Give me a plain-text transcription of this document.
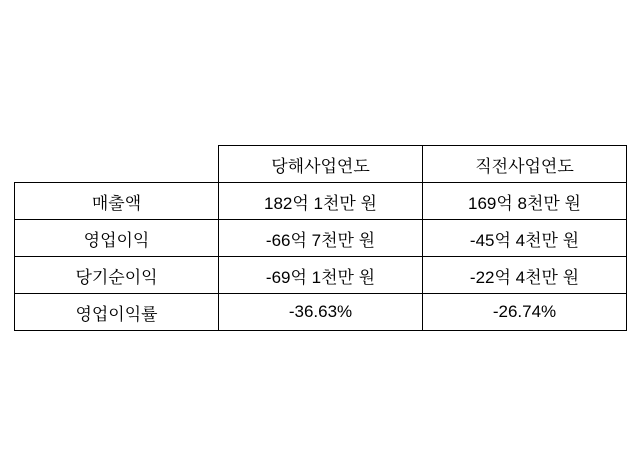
	당해사업연도	직전사업연도
매출액	182억 1천만 원	169억 8천만 원
영업이익	-66억 7천만 원	-45억 4천만 원
당기순이익	-69억 1천만 원	-22억 4천만 원
영업이익률	-36.63%	-26.74%
